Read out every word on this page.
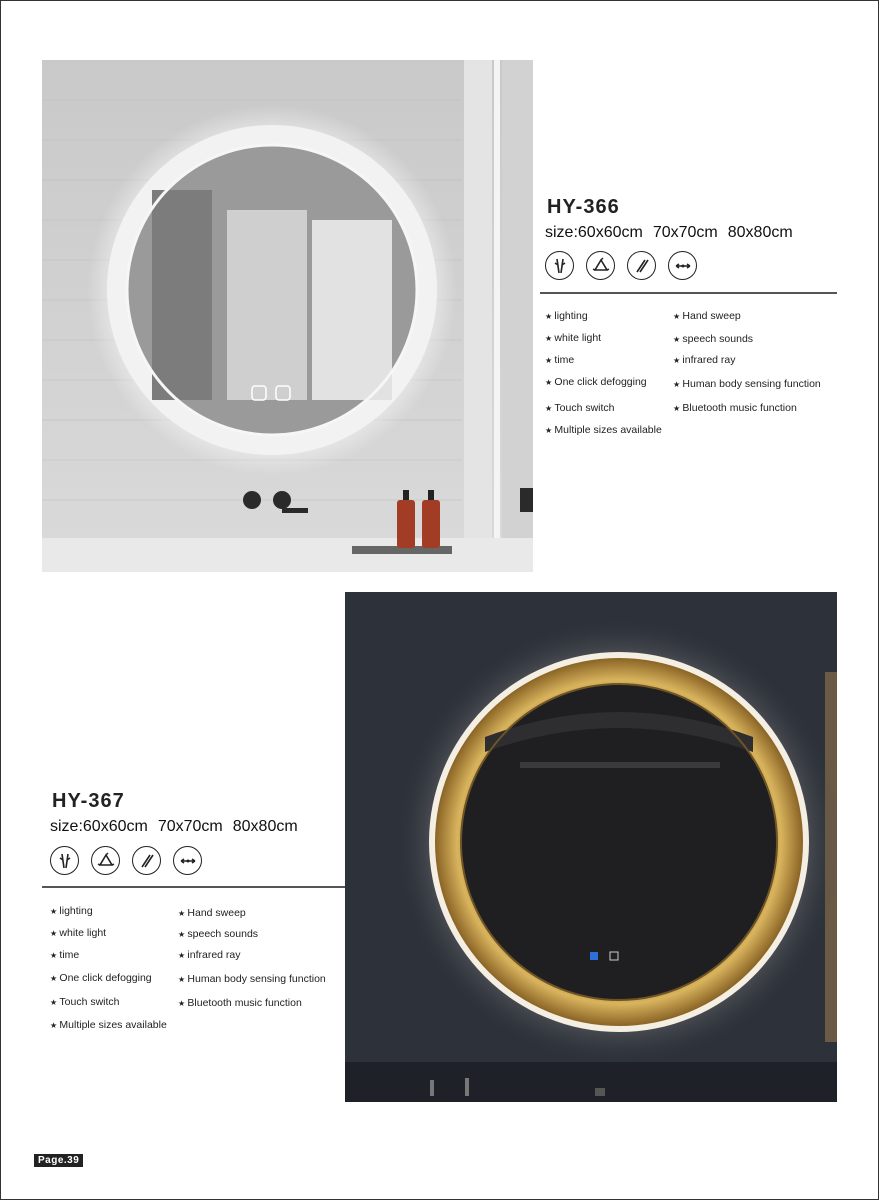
HY-366
size:60x60cm 70x70cm 80x80cm
★ lighting
★ white light
★ time
★ One click defogging
★ Touch switch
★ Multiple sizes available
★ Hand sweep
★ speech sounds
★ infrared ray
★ Human body sensing function
★ Bluetooth music function
HY-367
size:60x60cm 70x70cm 80x80cm
★ lighting
★ white light
★ time
★ One click defogging
★ Touch switch
★ Multiple sizes available
★ Hand sweep
★ speech sounds
★ infrared ray
★ Human body sensing function
★ Bluetooth music function
Page.39
